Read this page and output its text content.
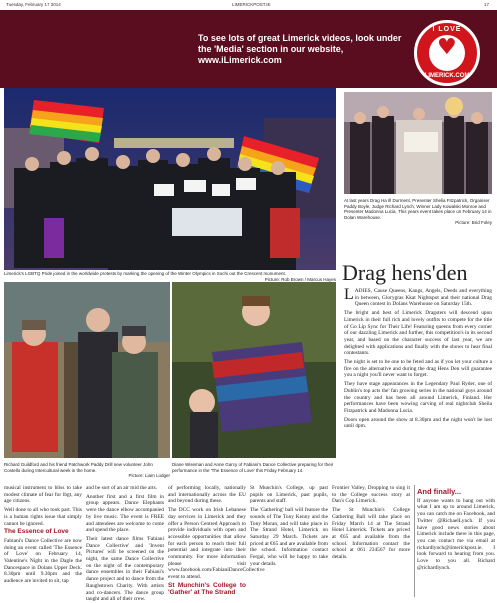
Tuesday, February 17 2014	LIMERICKPOST.IE	17
To see lots of great Limerick videos, look under the 'Media' section in our website, www.iLimerick.com
I LOVE
♥
LIMERICK.COM
Limerick's LGBTQ Pride joined in the worldwide protests by marking the opening of the Winter Olympics in Sochi out the Crescent monument.
Picture: Rob Brown / Marcus Hayes
At last years Drag Ha Ill Dorment, Presenter Shelia Fitzpatrick, Organiser Paddy Boyle, Judge Richard Lynch, Winner Lady Kowalski Monroe and Presenter Madonna Lucia. This years event takes place on February 14 in Dolan Warehouse.
Picture: Brid Foley
Drag hens'den
L ADIES, Cause Queens, Kangs, Angels, Deeds and everything in between, Glorygras Kkat Nightspot and their national Drag Queen contest in Dolans Warehouse on Saturday 15th.

The bright and best of Limerick Dragsters will descend upon Limerick in their full rich and lovely outfits to compete for the title of Go Lip Sync for Their Life! Featuring queens from every corner of our dazzling Limerick and further, this competition's in its second year, and based on the character success of last year, we are delighted with applications and finally with the shows to hear final contestants.

The night is set to be one to be feted and as if you let your culture a fire on the alternative and during the drag Hens Den will guarantee you a night you'll never want to forget.

They have stage appearances in the Legendary Paul Ryder, one of Dublin's top acts the' fan growing series in the national guys around the country and has been all around Limerick, Finland. Her performances have been wowing carving of real nightclub Sheila Fitzpatrick and Madonna Lucia.

Doors open around the show at 8.30pm and the night won't be lost until 4pm.

Richard Guildford and his friend Patchwork Paddy Drill new volunteer John Costello during Intercultural week in the home.
Picture: Liam Lodger
Diane Wiseman and Anne Garcy of Fabiani's Dance Collective preparing for their performance in the 'The Essence of Love' this Friday February 14.

musical instrument to bliss to take modest climate of fear for lbgt, any age citizens.

Well done to all who took part. This is a human rights issue that simply cannot be ignored.

The Essence of Love

Fabiani's Dance Collective are now doing an event called 'The Essence of Love' on February 14, Valentine's Night in the Dagle the Dancespace in Dolans Upper Deck. 8.30pm until 9.30pm and the audience are invited to sit, tap

and be sort of an air mid the arts.

Another first and a first film in group appears. Dance Elephants were the dance elbow accompanied by live music. The event is FREE and attendees are welcome to come and spend the place.

Their latest dance films 'Fabiani Dance Collective' and 'Invent Pictures' will be screened on the night, the same Dance Collective on the night of the contemporary dance ensembles in their Fabiani's dance project and to dance from the Raughstown Charity. With artists and co-dancers. The dance group taught and all of their crew.

of performing locally, nationally and internationally across the EU and beyond during these.

The DCC work on Irish Lebanese day services in Limerick and they offer a Person Centred Approach to provide individuals with open and accessible opportunities that allow for each person to reach their full potential and integrate into their community. For more information please visit www.facebook.com/FabianiDanceCollective event to attend.

St Munchin's College to 'Gather' at The Strand

St Munchin's College, up past pupils on Limerick, past pupils, parents and staff.

The 'Gathering' ball will feature the sounds of The Tony Kenny and the Tony Moran, and will take place in The Strand Hotel, Limerick on Saturday 29 March. Tickets are priced at €65 and are available from the school. Information contact Fergal, who will be happy to take your details.

Frontier Valley, Dropping to sing it to the College success story at Dan's Cop Limerick.

The St Munchin's College Gathering Ball will take place on Friday March 14 at The Strand Hotel Limerick. Tickets are priced at €65 and available from the school. Information contact the school at 061 234567 for more details.

And finally...

If anyone wants to hang out with what I am up to around Limerick, you can catch me on Facebook, and Twitter @RichaelLynch. If you have good news stories about Limerick include there in this page, you can contact me via email at richardlynch@limerickpost.ie. I look forward to hearing from you. Love to you all. Richard @richardlynch.
